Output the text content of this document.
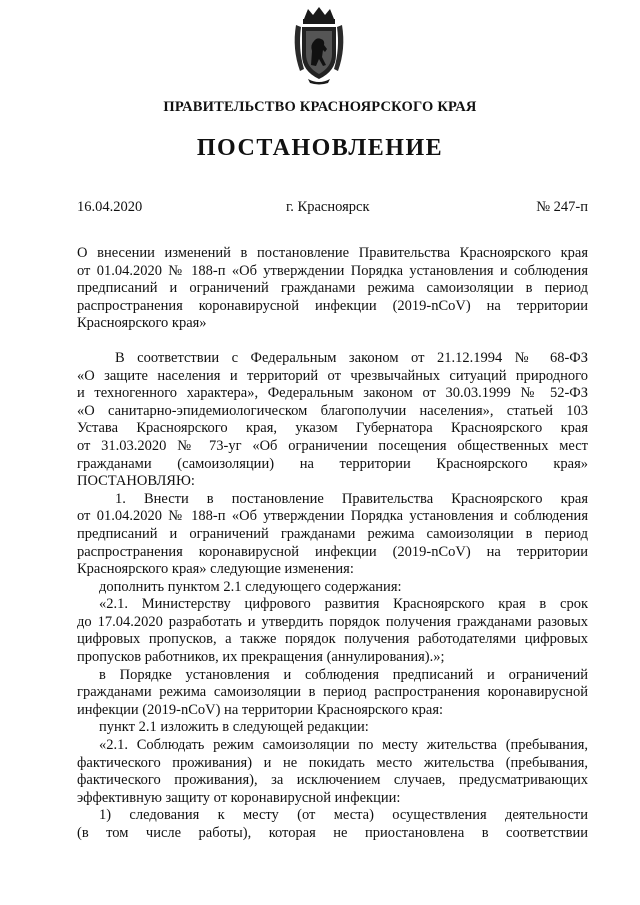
ПРАВИТЕЛЬСТВО КРАСНОЯРСКОГО КРАЯ
ПОСТАНОВЛЕНИЕ
16.04.2020	г. Красноярск	№ 247-п
О внесении изменений в постановление Правительства Красноярского края
от 01.04.2020 № 188-п «Об утверждении Порядка установления и соблюдения
предписаний и ограничений гражданами режима самоизоляции в период
распространения коронавирусной инфекции (2019-nCoV) на территории
Красноярского края»
В соответствии с Федеральным законом от 21.12.1994 № 68-ФЗ
«О защите населения и территорий от чрезвычайных ситуаций природного
и техногенного характера», Федеральным законом от 30.03.1999 № 52-ФЗ
«О санитарно-эпидемиологическом благополучии населения», статьей 103
Устава Красноярского края, указом Губернатора Красноярского края
от 31.03.2020 № 73-уг «Об ограничении посещения общественных мест
гражданами (самоизоляции) на территории Красноярского края»
ПОСТАНОВЛЯЮ:
1. Внести в постановление Правительства Красноярского края
от 01.04.2020 № 188-п «Об утверждении Порядка установления и соблюдения
предписаний и ограничений гражданами режима самоизоляции в период
распространения коронавирусной инфекции (2019-nCoV) на территории
Красноярского края» следующие изменения:
дополнить пунктом 2.1 следующего содержания:
«2.1. Министерству цифрового развития Красноярского края в срок
до 17.04.2020 разработать и утвердить порядок получения гражданами разовых
цифровых пропусков, а также порядок получения работодателями цифровых
пропусков работников, их прекращения (аннулирования).»;
в Порядке установления и соблюдения предписаний и ограничений
гражданами режима самоизоляции в период распространения коронавирусной
инфекции (2019-nCoV) на территории Красноярского края:
пункт 2.1 изложить в следующей редакции:
«2.1. Соблюдать режим самоизоляции по месту жительства (пребывания,
фактического проживания) и не покидать место жительства (пребывания,
фактического проживания), за исключением случаев, предусматривающих
эффективную защиту от коронавирусной инфекции:
1) следования к месту (от места) осуществления деятельности
(в том числе работы), которая не приостановлена в соответствии
